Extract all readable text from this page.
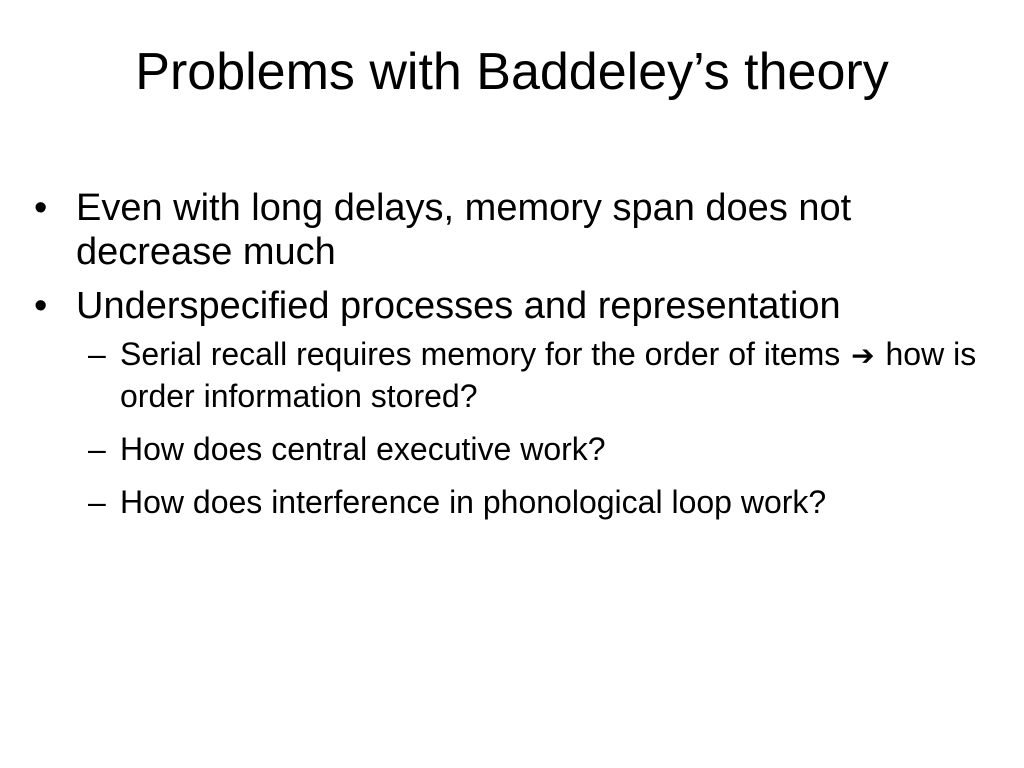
Problems with Baddeley’s theory
• Even with long delays, memory span does not decrease much
• Underspecified processes and representation
– Serial recall requires memory for the order of items ➔ how is order information stored?
– How does central executive work?
– How does interference in phonological loop work?
